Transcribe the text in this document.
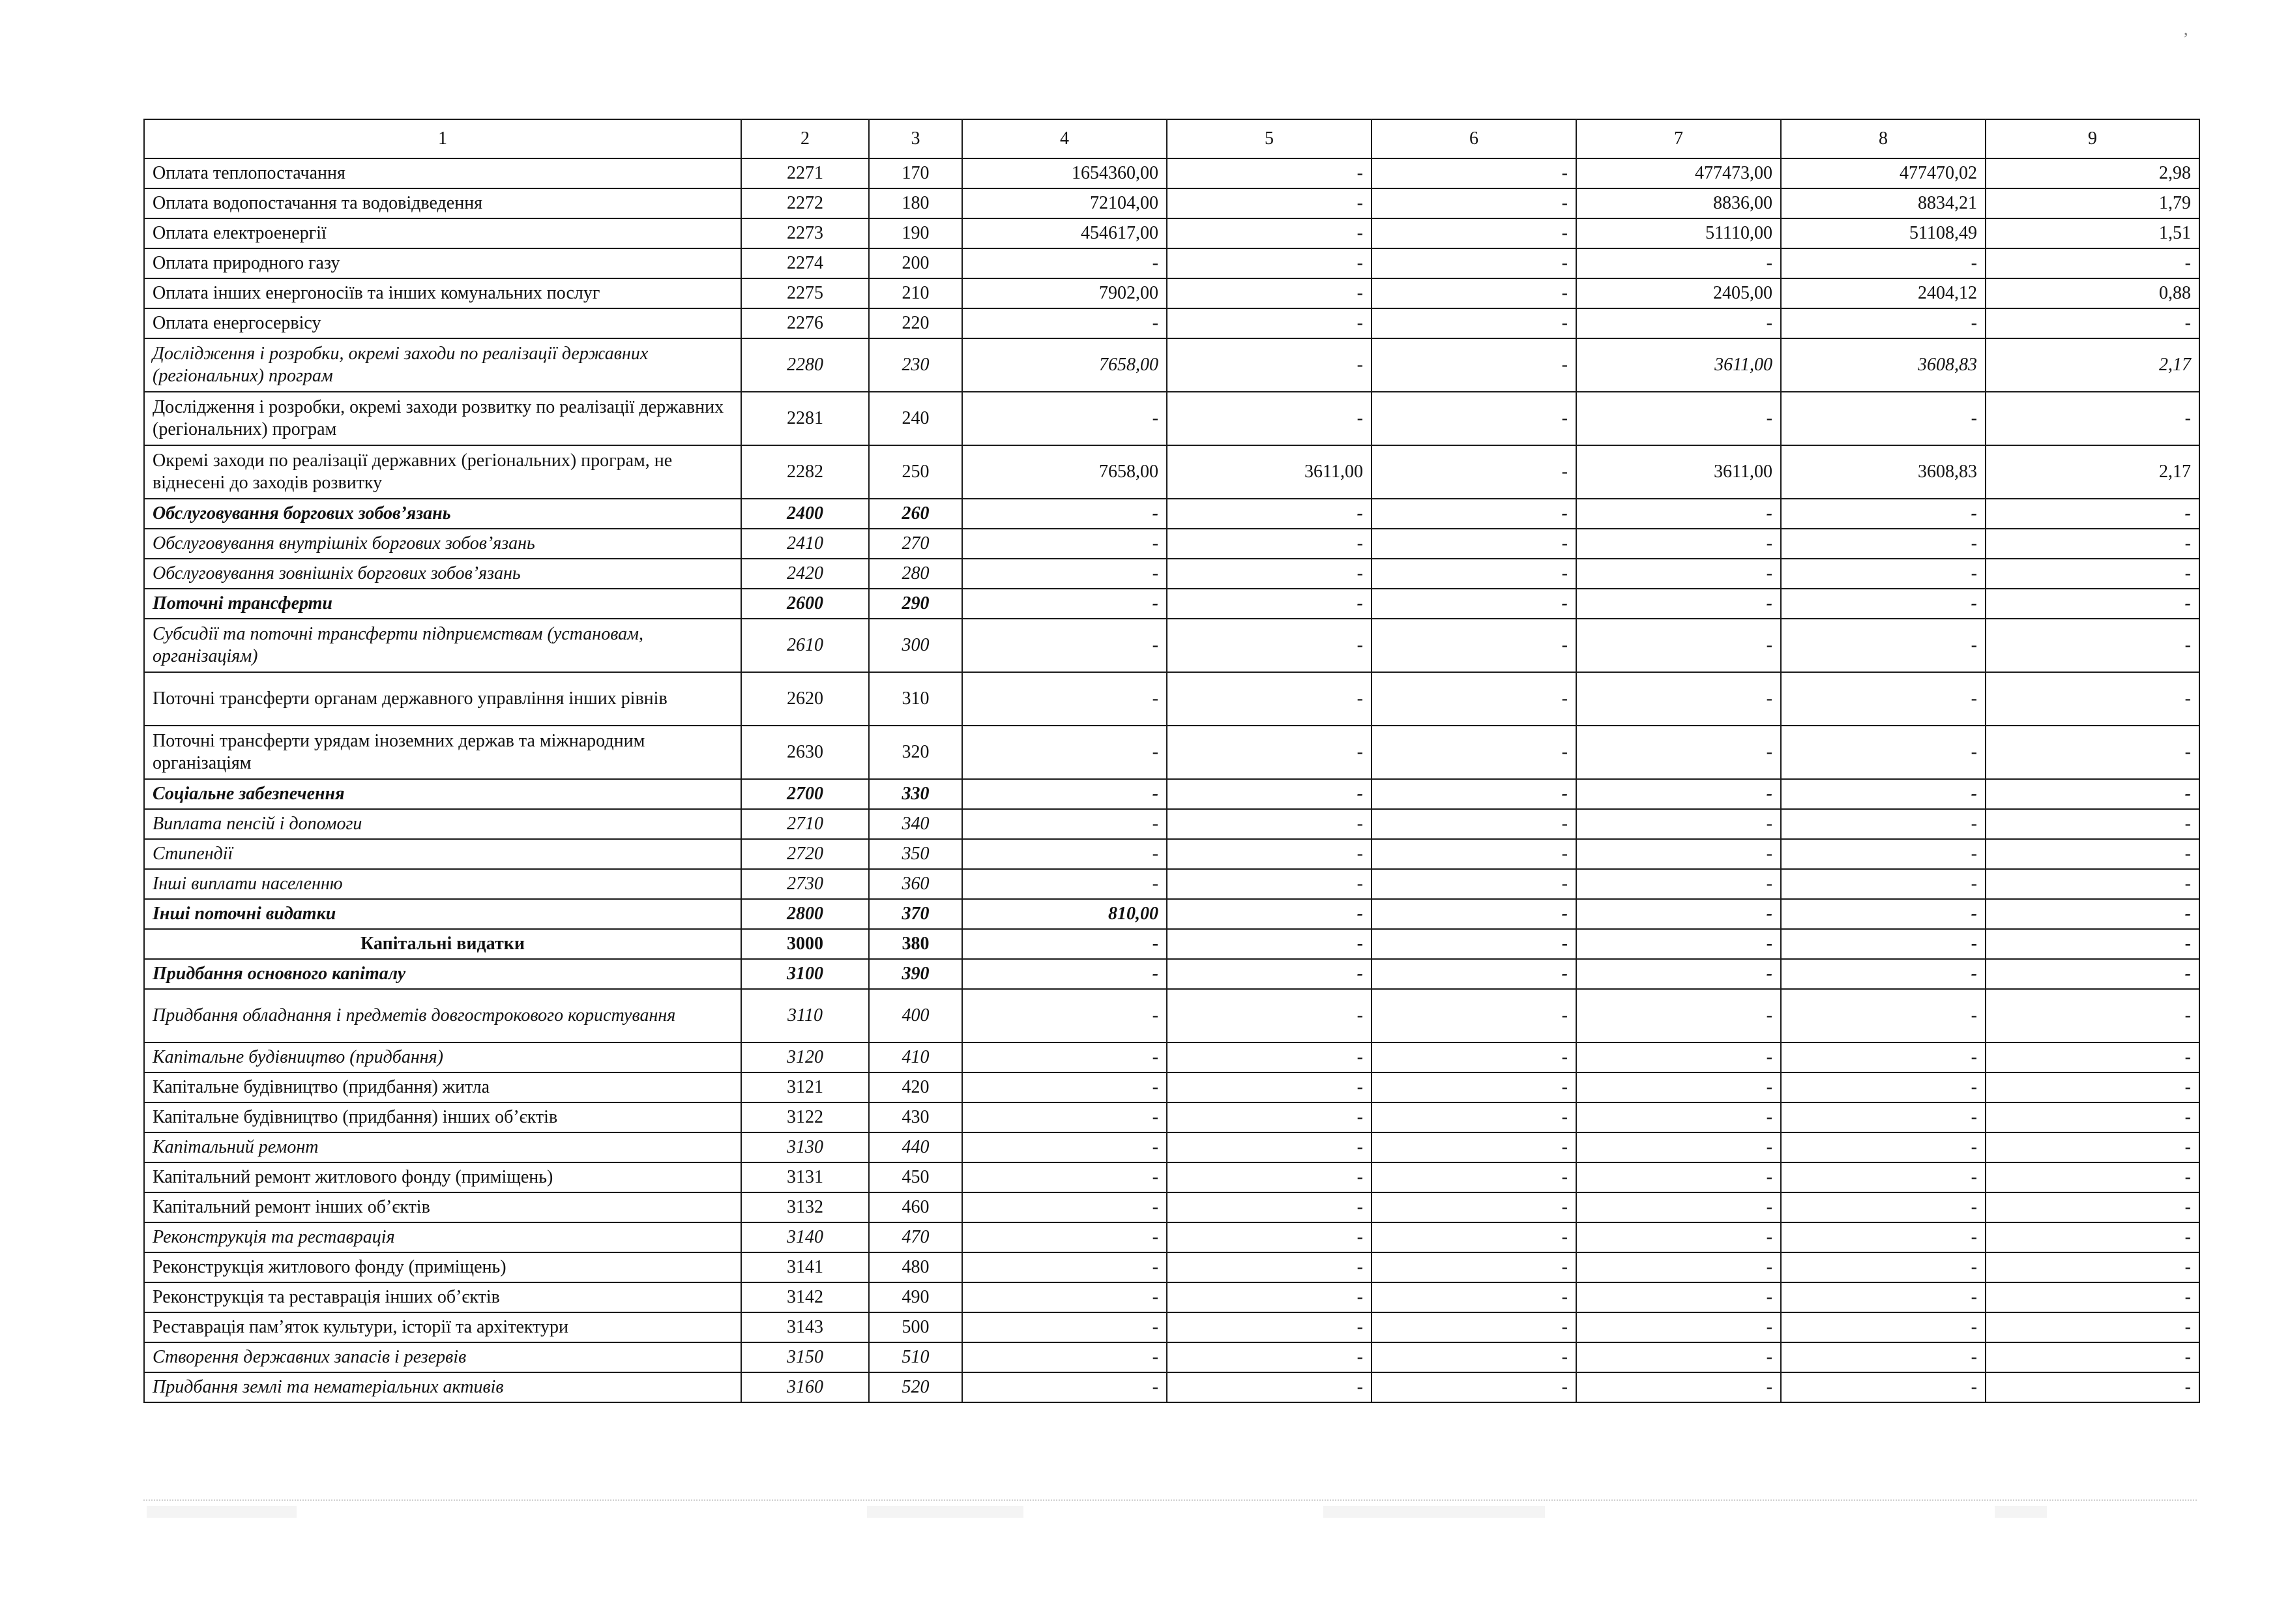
,
1	2	3	4	5	6	7	8	9
Оплата теплопостачання	2271	170	1654360,00	-	-	477473,00	477470,02	2,98
Оплата водопостачання та водовідведення	2272	180	72104,00	-	-	8836,00	8834,21	1,79
Оплата електроенергії	2273	190	454617,00	-	-	51110,00	51108,49	1,51
Оплата природного газу	2274	200	-	-	-	-	-	-
Оплата інших енергоносіїв та інших комунальних послуг	2275	210	7902,00	-	-	2405,00	2404,12	0,88
Оплата енергосервісу	2276	220	-	-	-	-	-	-
Дослідження і розробки, окремі заходи по реалізації державних (регіональних) програм	2280	230	7658,00	-	-	3611,00	3608,83	2,17
Дослідження і розробки, окремі заходи розвитку по реалізації державних (регіональних) програм	2281	240	-	-	-	-	-	-
Окремі заходи по реалізації державних (регіональних) програм, не віднесені до заходів розвитку	2282	250	7658,00	3611,00	-	3611,00	3608,83	2,17
Обслуговування боргових зобов’язань	2400	260	-	-	-	-	-	-
Обслуговування внутрішніх боргових зобов’язань	2410	270	-	-	-	-	-	-
Обслуговування зовнішніх боргових зобов’язань	2420	280	-	-	-	-	-	-
Поточні трансферти	2600	290	-	-	-	-	-	-
Субсидії та поточні трансферти підприємствам (установам, організаціям)	2610	300	-	-	-	-	-	-
Поточні трансферти органам державного управління інших рівнів	2620	310	-	-	-	-	-	-
Поточні трансферти урядам іноземних держав та міжнародним організаціям	2630	320	-	-	-	-	-	-
Соціальне забезпечення	2700	330	-	-	-	-	-	-
Виплата пенсій і допомоги	2710	340	-	-	-	-	-	-
Стипендії	2720	350	-	-	-	-	-	-
Інші виплати населенню	2730	360	-	-	-	-	-	-
Інші поточні видатки	2800	370	810,00	-	-	-	-	-
Капітальні видатки	3000	380	-	-	-	-	-	-
Придбання основного капіталу	3100	390	-	-	-	-	-	-
Придбання обладнання і предметів довгострокового користування	3110	400	-	-	-	-	-	-
Капітальне будівництво (придбання)	3120	410	-	-	-	-	-	-
Капітальне будівництво (придбання) житла	3121	420	-	-	-	-	-	-
Капітальне будівництво (придбання) інших об’єктів	3122	430	-	-	-	-	-	-
Капітальний ремонт	3130	440	-	-	-	-	-	-
Капітальний ремонт житлового фонду (приміщень)	3131	450	-	-	-	-	-	-
Капітальний ремонт інших об’єктів	3132	460	-	-	-	-	-	-
Реконструкція та реставрація	3140	470	-	-	-	-	-	-
Реконструкція житлового фонду (приміщень)	3141	480	-	-	-	-	-	-
Реконструкція та реставрація інших об’єктів	3142	490	-	-	-	-	-	-
Реставрація пам’яток культури, історії та архітектури	3143	500	-	-	-	-	-	-
Створення державних запасів і резервів	3150	510	-	-	-	-	-	-
Придбання землі та нематеріальних активів	3160	520	-	-	-	-	-	-
